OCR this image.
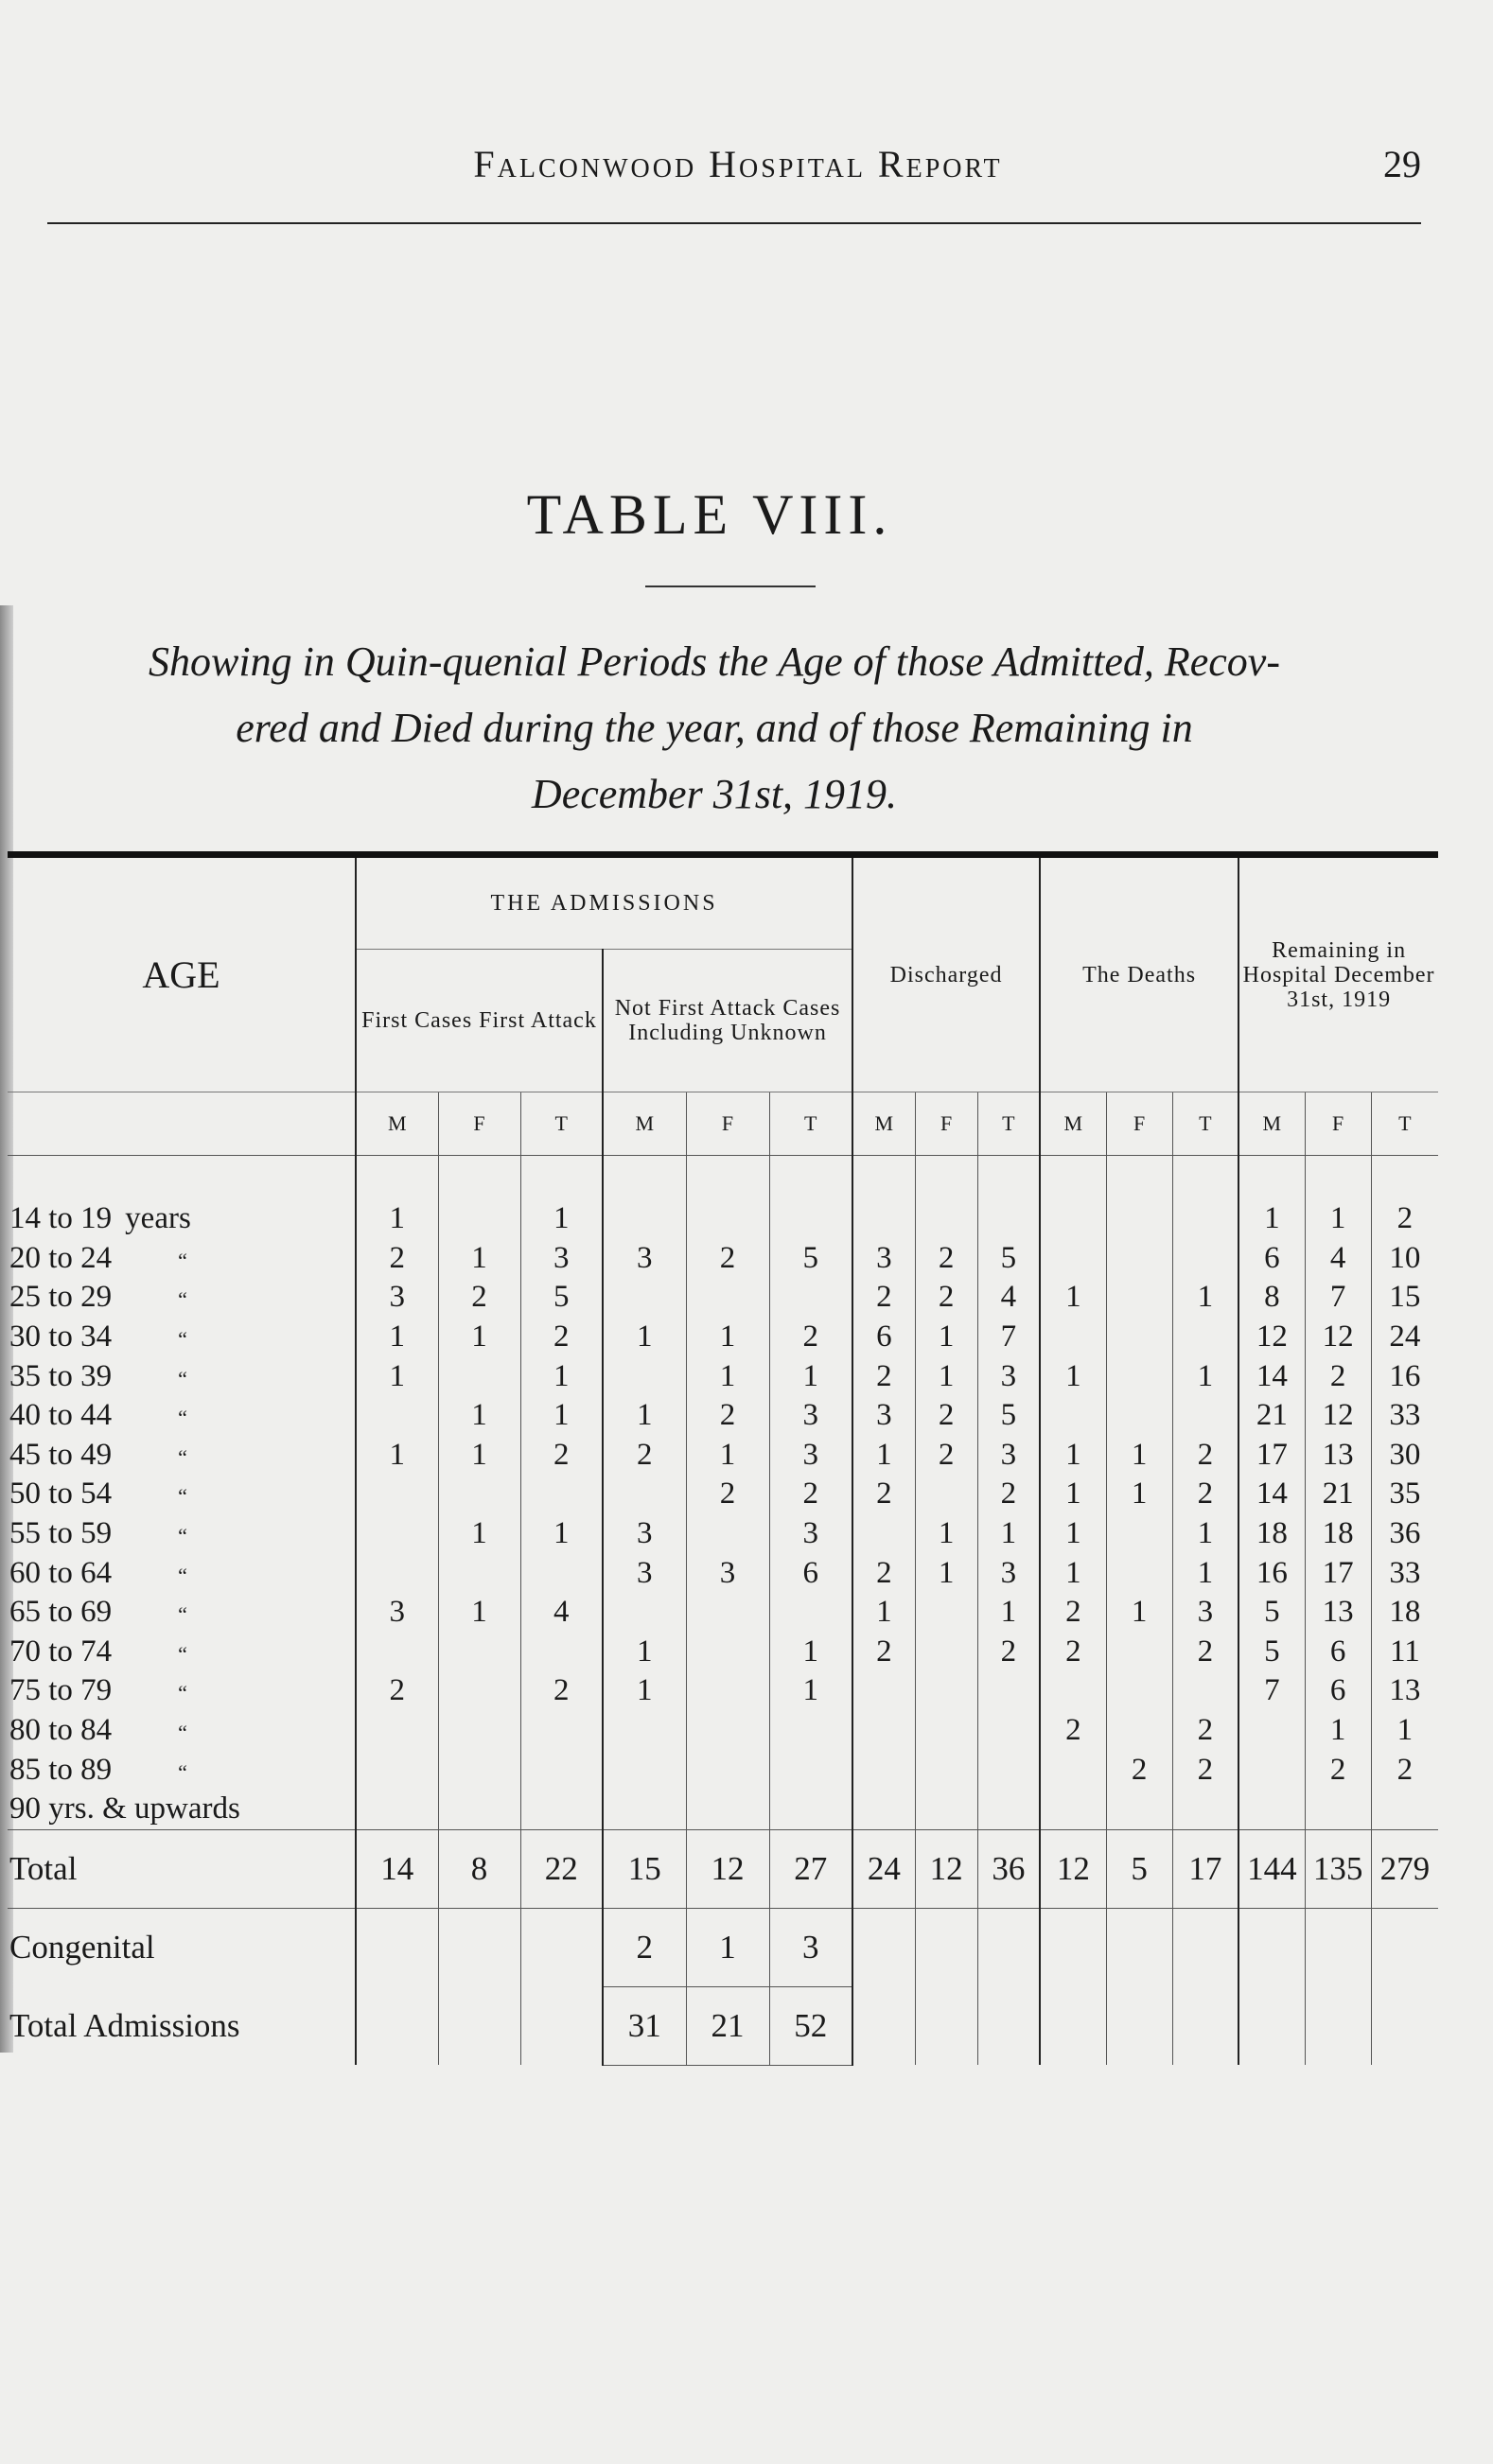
Falconwood Hospital Report	29
TABLE VIII.
Showing in Quin-quenial Periods the Age of those Admitted, Recov-
ered and Died during the year, and of those Remaining in
December 31st, 1919.
AGE	THE ADMISSIONS						Discharged			The Deaths			Remaining in Hospital December 31st, 1919		
	First Cases First Attack			Not First Attack Cases Including Unknown											
	M	F	T	M	F	T	M	F	T	M	F	T	M	F	T

14 to 19 years	1		1										1	1	2
20 to 24 “	2	1	3	3	2	5	3	2	5				6	4	10
25 to 29 “	3	2	5				2	2	4	1		1	8	7	15
30 to 34 “	1	1	2	1	1	2	6	1	7				12	12	24
35 to 39 “	1		1		1	1	2	1	3	1		1	14	2	16
40 to 44 “		1	1	1	2	3	3	2	5				21	12	33
45 to 49 “	1	1	2	2	1	3	1	2	3	1	1	2	17	13	30
50 to 54 “					2	2	2		2	1	1	2	14	21	35
55 to 59 “		1	1	3		3		1	1	1		1	18	18	36
60 to 64 “				3	3	6	2	1	3	1		1	16	17	33
65 to 69 “	3	1	4				1		1	2	1	3	5	13	18
70 to 74 “				1		1	2		2	2		2	5	6	11
75 to 79 “	2		2	1		1							7	6	13
80 to 84 “										2		2		1	1
85 to 89 “											2	2		2	2
90 yrs. & upwards															
Total	14	8	22	15	12	27	24	12	36	12	5	17	144	135	279
Congenital				2	1	3									
Total Admissions				31	21	52									
